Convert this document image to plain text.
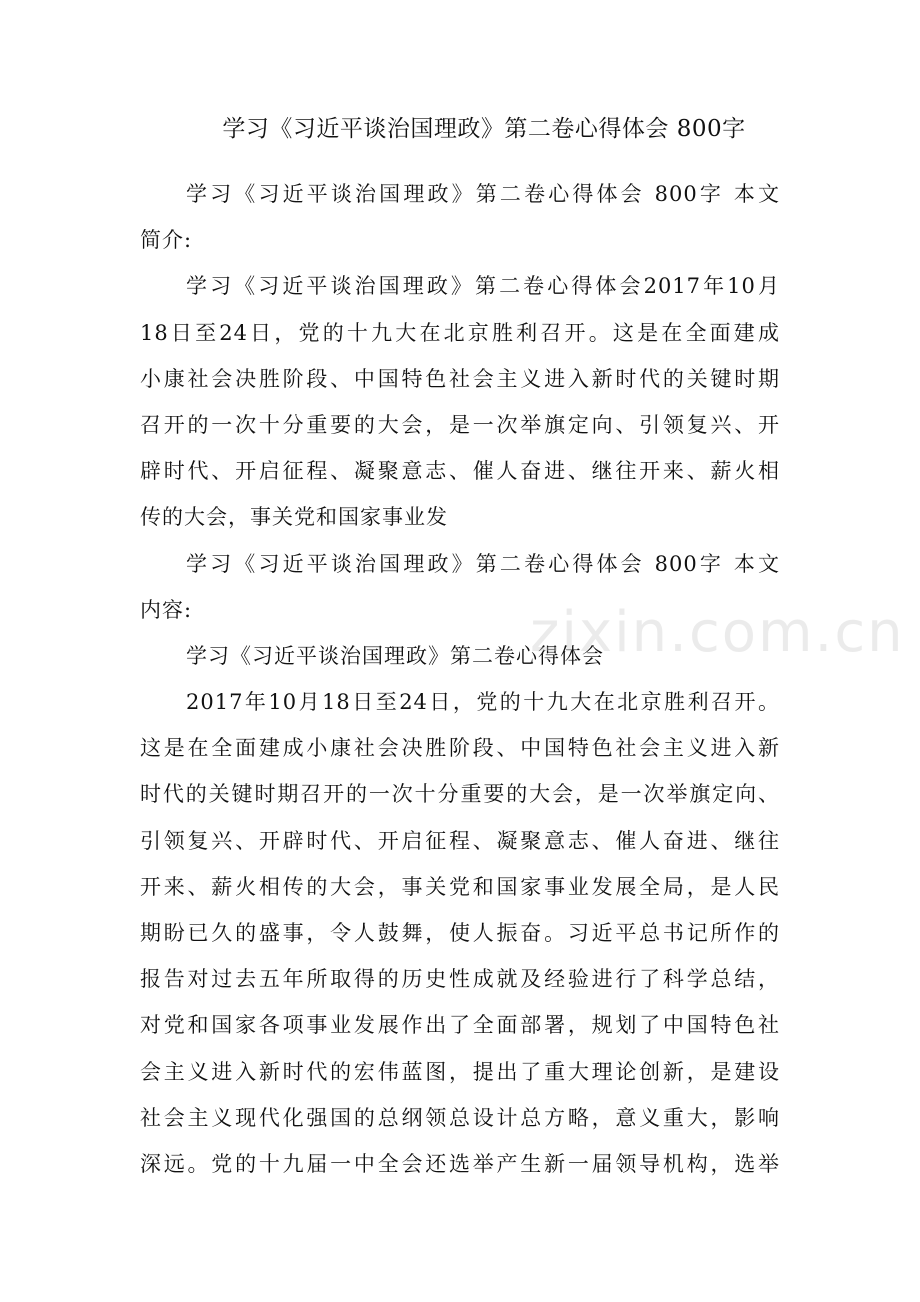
学习《习近平谈治国理政》第二卷心得体会 800字
学习《习近平谈治国理政》第二卷心得体会 800字 本文
简介:
学习《习近平谈治国理政》第二卷心得体会2017年10月
18日至24日，党的十九大在北京胜利召开。这是在全面建成
小康社会决胜阶段、中国特色社会主义进入新时代的关键时期
召开的一次十分重要的大会，是一次举旗定向、引领复兴、开
辟时代、开启征程、凝聚意志、催人奋进、继往开来、薪火相
传的大会，事关党和国家事业发
学习《习近平谈治国理政》第二卷心得体会 800字 本文
内容:
学习《习近平谈治国理政》第二卷心得体会
2017年10月18日至24日，党的十九大在北京胜利召开。
这是在全面建成小康社会决胜阶段、中国特色社会主义进入新
时代的关键时期召开的一次十分重要的大会，是一次举旗定向、
引领复兴、开辟时代、开启征程、凝聚意志、催人奋进、继往
开来、薪火相传的大会，事关党和国家事业发展全局，是人民
期盼已久的盛事，令人鼓舞，使人振奋。习近平总书记所作的
报告对过去五年所取得的历史性成就及经验进行了科学总结，
对党和国家各项事业发展作出了全面部署，规划了中国特色社
会主义进入新时代的宏伟蓝图，提出了重大理论创新，是建设
社会主义现代化强国的总纲领总设计总方略，意义重大，影响
深远。党的十九届一中全会还选举产生新一届领导机构，选举
zixin.com.cn
